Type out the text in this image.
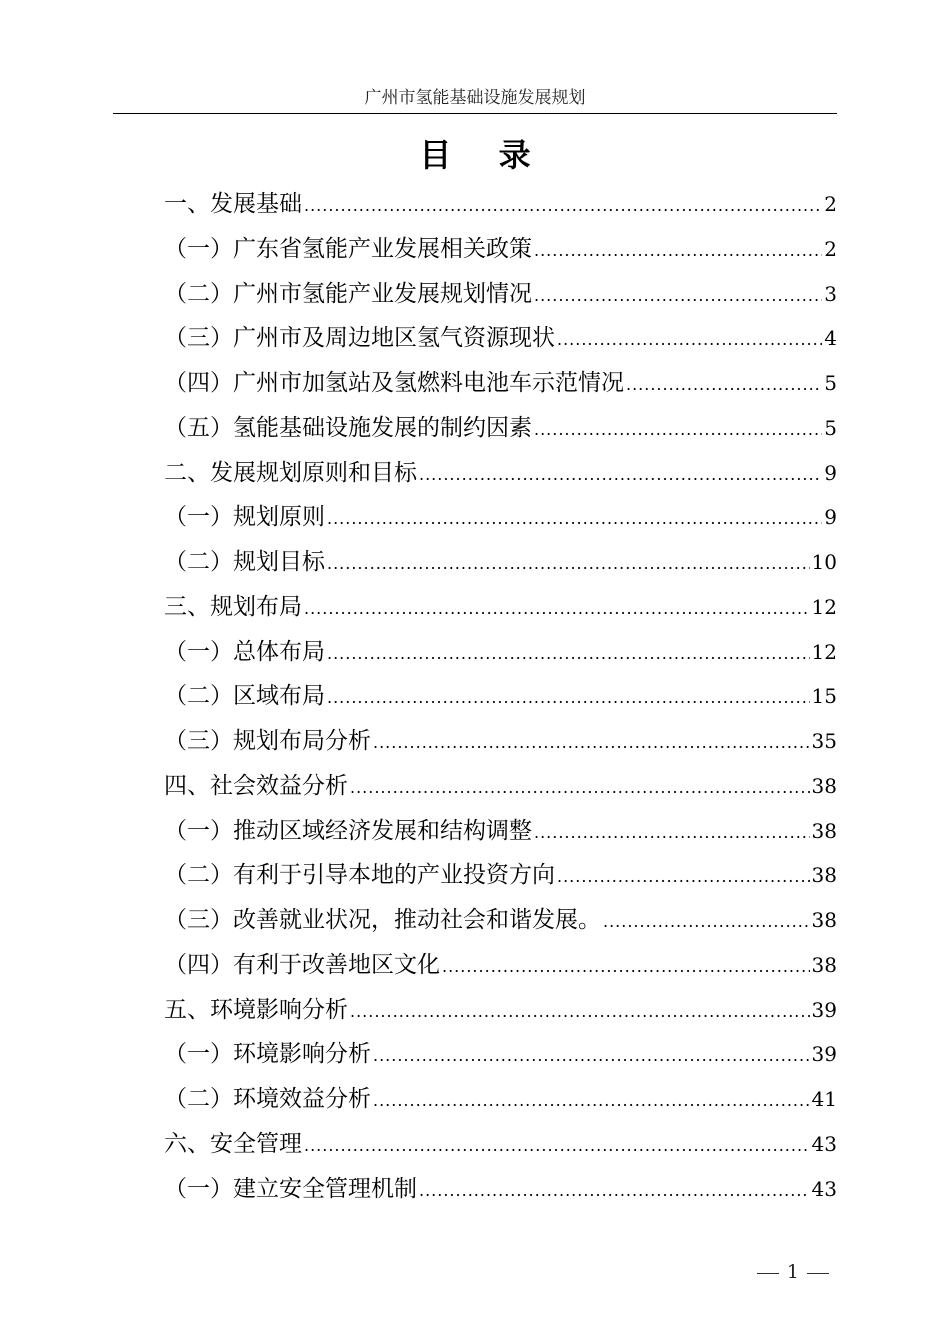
广州市氢能基础设施发展规划
目 录
一、发展基础 .....	2
（一）广东省氢能产业发展相关政策 .....	2
（二）广州市氢能产业发展规划情况 .....	3
（三）广州市及周边地区氢气资源现状 .....	4
（四）广州市加氢站及氢燃料电池车示范情况 .....	5
（五）氢能基础设施发展的制约因素 .....	5
二、发展规划原则和目标 .....	9
（一）规划原则 .....	9
（二）规划目标 .....	10
三、规划布局 .....	12
（一）总体布局 .....	12
（二）区域布局 .....	15
（三）规划布局分析 .....	35
四、社会效益分析 .....	38
（一）推动区域经济发展和结构调整 .....	38
（二）有利于引导本地的产业投资方向 .....	38
（三）改善就业状况，推动社会和谐发展。 .....	38
（四）有利于改善地区文化 .....	38
五、环境影响分析 .....	39
（一）环境影响分析 .....	39
（二）环境效益分析 .....	41
六、安全管理 .....	43
（一）建立安全管理机制 .....	43
1
